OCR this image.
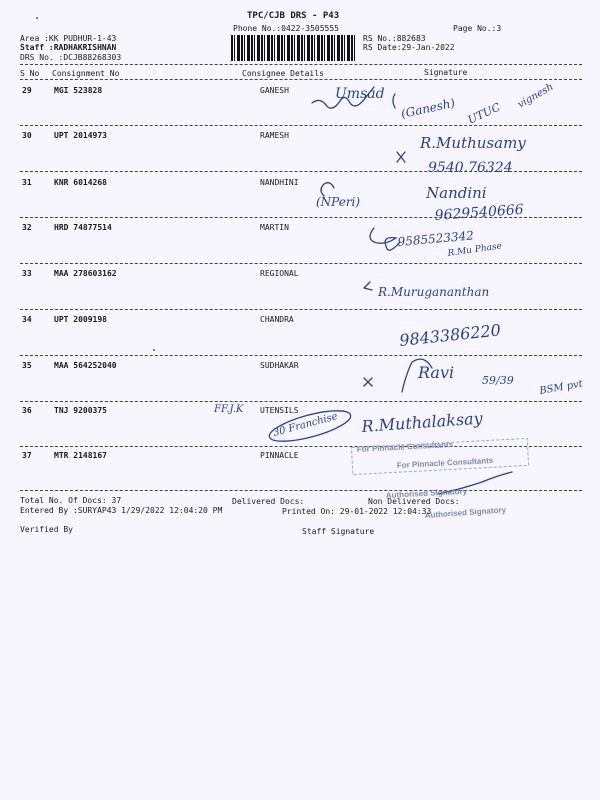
TPC/CJB DRS - P43
Phone No.:0422-3505555	Page No.:3
Area :KK PUDHUR-1-43
Staff :RADHAKRISHNAN
DRS No. :DCJB88268303
RS No.:882683
RS Date:29-Jan-2022
S No Consignment No	Consignee Details	Signature
29	MGI 523828	GANESH
30	UPT 2014973	RAMESH
31	KNR 6014268	NANDHINI
32	HRD 74877514	MARTIN
33	MAA 278603162	REGIONAL
34	UPT 2009198	CHANDRA
35	MAA 564252040	SUDHAKAR
36	TNJ 9200375	UTENSILS
37	MTR 2148167	PINNACLE
Umsad
(Ganesh) UTUC
vignesh
R.Muthusamy
9540.76324
Nandini
9629540666
(NPeri)
9585523342
R.Mu Phase
R.Murugananthan
9843386220
Ravi	59/39 BSM pvt
FF.J.K
30 Franchise R.Muthalaksay
For Pinnacle Consultants
For Pinnacle Consultants
Authorised Signatory
Authorised Signatory
Total No. Of Docs: 37	Delivered Docs:	Non Delivered Docs:
Entered By :SURYAP43 1/29/2022 12:04:20 PM	Printed On: 29-01-2022 12:04:33
Verified By	Staff Signature
